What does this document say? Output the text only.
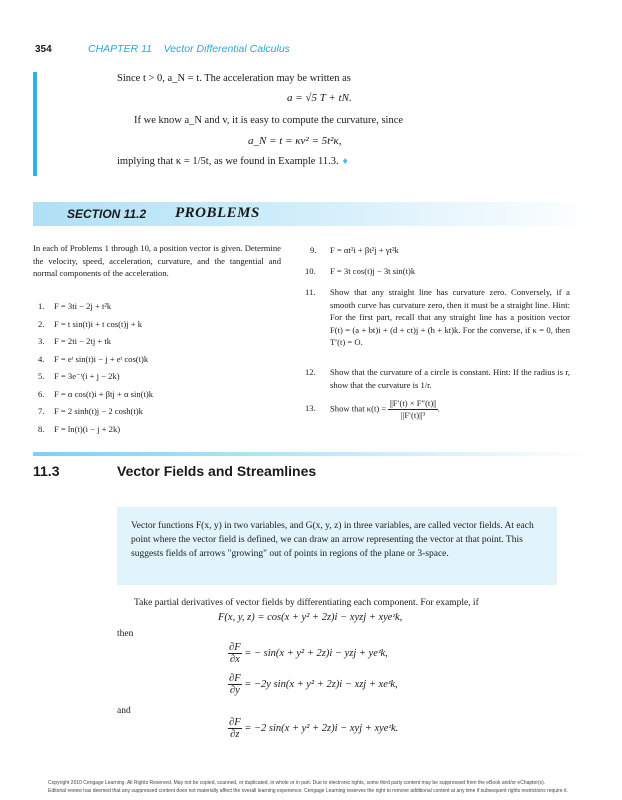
354	CHAPTER 11 Vector Differential Calculus
Since t > 0, a_N = t. The acceleration may be written as
a = √5 T + tN.
If we know a_N and v, it is easy to compute the curvature, since
a_N = t = κv² = 5t²κ,
implying that κ = 1/5t, as we found in Example 11.3. ♦
SECTION 11.2 PROBLEMS
In each of Problems 1 through 10, a position vector is given. Determine the velocity, speed, acceleration, curvature, and the tangential and normal components of the acceleration.
1. F = 3ti − 2j + t²k
2. F = t sin(t)i + t cos(t)j + k
3. F = 2ti − 2tj + tk
4. F = eᵗ sin(t)i − j + eᵗ cos(t)k
5. F = 3e⁻ᵗ(i + j − 2k)
6. F = α cos(t)i + βtj + α sin(t)k
7. F = 2 sinh(t)j − 2 cosh(t)k
8. F = ln(t)(i − j + 2k)
9. F = αt²i + βt²j + γt²k
10. F = 3t cos(t)j − 3t sin(t)k
11.	Show that any straight line has curvature zero. Conversely, if a smooth curve has curvature zero, then it must be a straight line. Hint: For the first part, recall that any straight line has a position vector F(t) = (a + bt)i + (d + ct)j + (h + kt)k. For the converse, if κ = 0, then T′(t) = O.
12.	Show that the curvature of a circle is constant. Hint: If the radius is r, show that the curvature is 1/r.
13. Show that $\kappa(t) = \frac{||F'(t) \times F''(t)||}{\text{||F′(t)||³}}$ .
11.3	Vector Fields and Streamlines
Vector functions F(x, y) in two variables, and G(x, y, z) in three variables, are called vector fields. At each point where the vector field is defined, we can draw an arrow representing the vector at that point. This suggests fields of arrows "growing" out of points in regions of the plane or 3-space.
Take partial derivatives of vector fields by differentiating each component. For example, if
F(x, y, z) = cos(x + y² + 2z)i − xyzj + xyeᶻk,
then
$\frac{\partial F}{\partial x}$ = − sin(x + y² + 2z)i − yzj + yeᶻk,
$\frac{\partial F}{\partial y} = -2y$ sin(x + y² + 2z)i − xzj + xeᶻk,
and
$\frac{\partial F}{\partial z} = -2$ sin(x + y² + 2z)i − xyj + xyeᶻk.
Copyright 2010 Cengage Learning. All Rights Reserved. May not be copied, scanned, or duplicated, in whole or in part. Due to electronic rights, some third party content may be suppressed from the eBook and/or eChapter(s).
Editorial review has deemed that any suppressed content does not materially affect the overall learning experience. Cengage Learning reserves the right to remove additional content at any time if subsequent rights restrictions require it.
